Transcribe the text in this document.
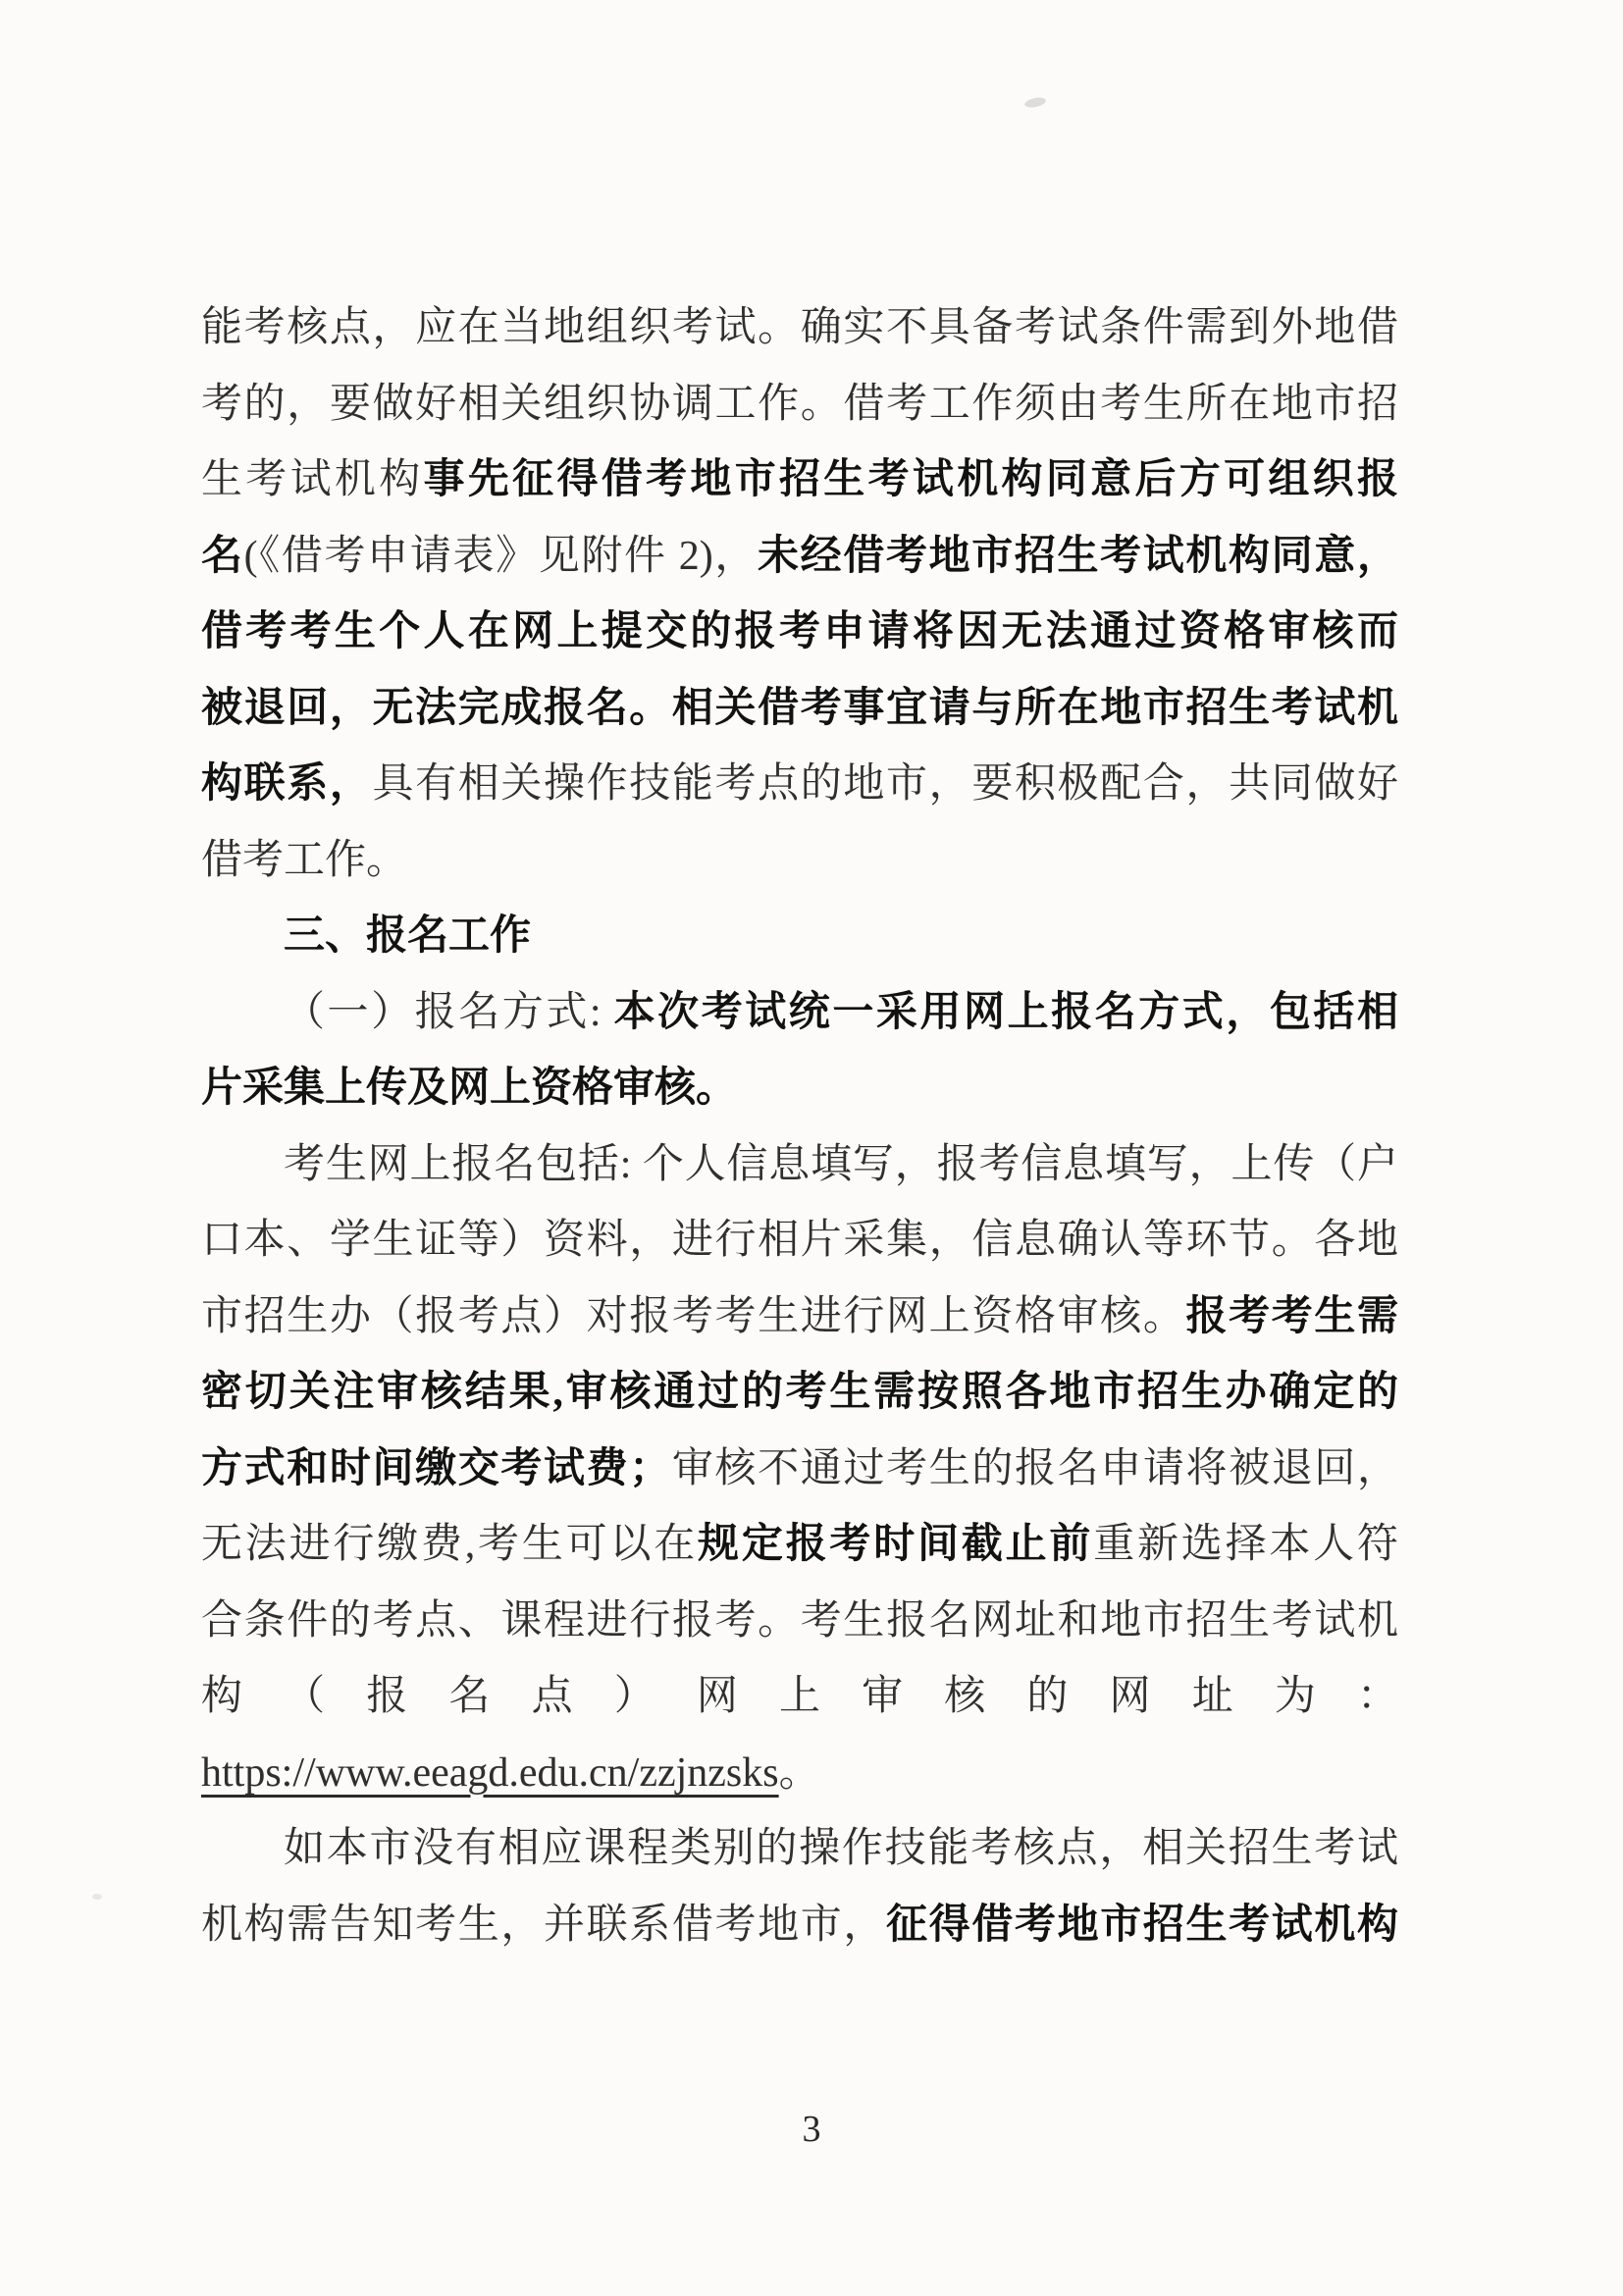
能考核点，应在当地组织考试。确实不具备考试条件需到外地借
考的，要做好相关组织协调工作。借考工作须由考生所在地市招
生考试机构事先征得借考地市招生考试机构同意后方可组织报
名(《借考申请表》见附件 2)，未经借考地市招生考试机构同意，
借考考生个人在网上提交的报考申请将因无法通过资格审核而
被退回，无法完成报名。相关借考事宜请与所在地市招生考试机
构联系，具有相关操作技能考点的地市，要积极配合，共同做好
借考工作。
三、报名工作
（一）报名方式: 本次考试统一采用网上报名方式，包括相
片采集上传及网上资格审核。
考生网上报名包括: 个人信息填写，报考信息填写，上传（户
口本、学生证等）资料，进行相片采集，信息确认等环节。各地
市招生办（报考点）对报考考生进行网上资格审核。报考考生需
密切关注审核结果,审核通过的考生需按照各地市招生办确定的
方式和时间缴交考试费；审核不通过考生的报名申请将被退回，
无法进行缴费,考生可以在规定报考时间截止前重新选择本人符
合条件的考点、课程进行报考。考生报名网址和地市招生考试机
构（报名点）网上审核的网址为：
https://www.eeagd.edu.cn/zzjnzsks。
如本市没有相应课程类别的操作技能考核点，相关招生考试
机构需告知考生，并联系借考地市，征得借考地市招生考试机构
3
